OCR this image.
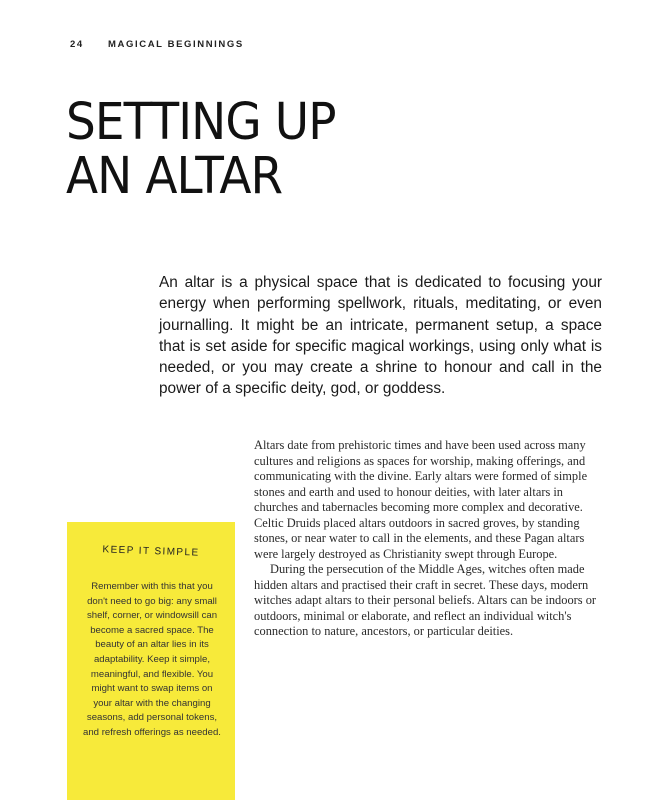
24	MAGICAL BEGINNINGS
SETTING UP
AN ALTAR

An altar is a physical space that is dedicated to focusing your energy when performing spellwork, rituals, meditating, or even journalling. It might be an intricate, permanent setup, a space that is set aside for specific magical workings, using only what is needed, or you may create a shrine to honour and call in the power of a specific deity, god, or goddess.

Altars date from prehistoric times and have been used across many cultures and religions as spaces for worship, making offerings, and communicating with the divine. Early altars were formed of simple stones and earth and used to honour deities, with later altars in churches and tabernacles becoming more complex and decorative. Celtic Druids placed altars outdoors in sacred groves, by standing stones, or near water to call in the elements, and these Pagan altars were largely destroyed as Christianity swept through Europe.

During the persecution of the Middle Ages, witches often made hidden altars and practised their craft in secret. These days, modern witches adapt altars to their personal beliefs. Altars can be indoors or outdoors, minimal or elaborate, and reflect an individual witch's connection to nature, ancestors, or particular deities.

KEEP IT SIMPLE

Remember with this that you don't need to go big: any small shelf, corner, or windowsill can become a sacred space. The beauty of an altar lies in its adaptability. Keep it simple, meaningful, and flexible. You might want to swap items on your altar with the changing seasons, add personal tokens, and refresh offerings as needed.
